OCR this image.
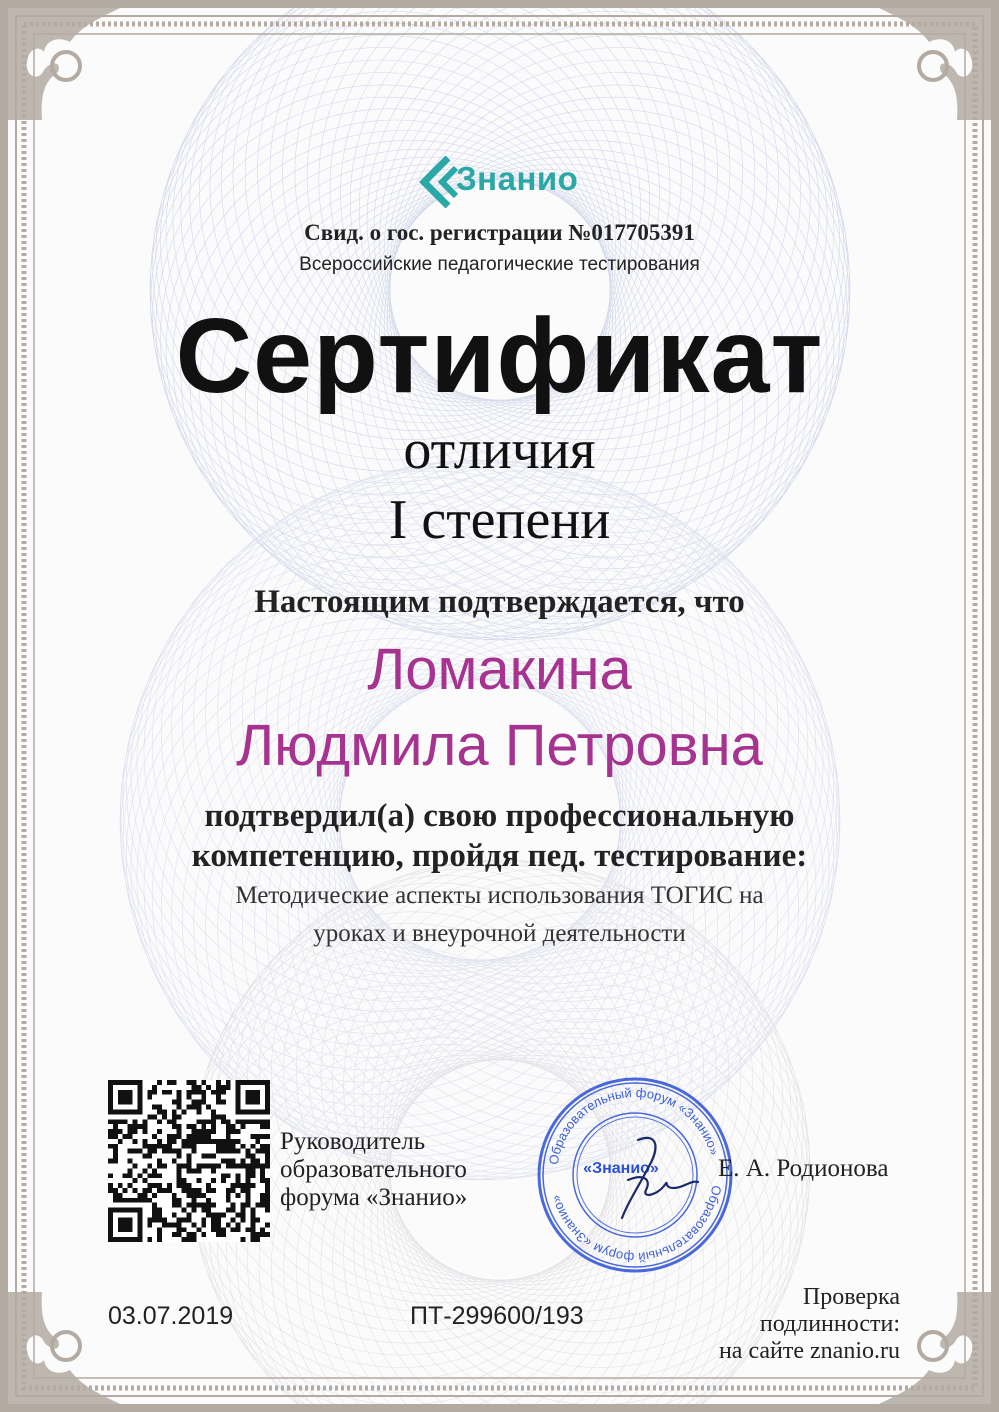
Знанио
Свид. о гос. регистрации №017705391
Всероссийские педагогические тестирования
Сертификат
отличия
I степени
Настоящим подтверждается, что
Ломакина
Людмила Петровна
подтвердил(а) свою профессиональную
компетенцию, пройдя пед. тестирование:
Методические аспекты использования ТОГИС на
уроках и внеурочной деятельности
Руководитель
образовательного
форума «Знанио»
Образовательный форум «Знанио»
Образовательный форум «Знанио»
«Знанио» Е. А. Родионова
03.07.2019	ПТ-299600/193
Проверка
подлинности:
на сайте znanio.ru
